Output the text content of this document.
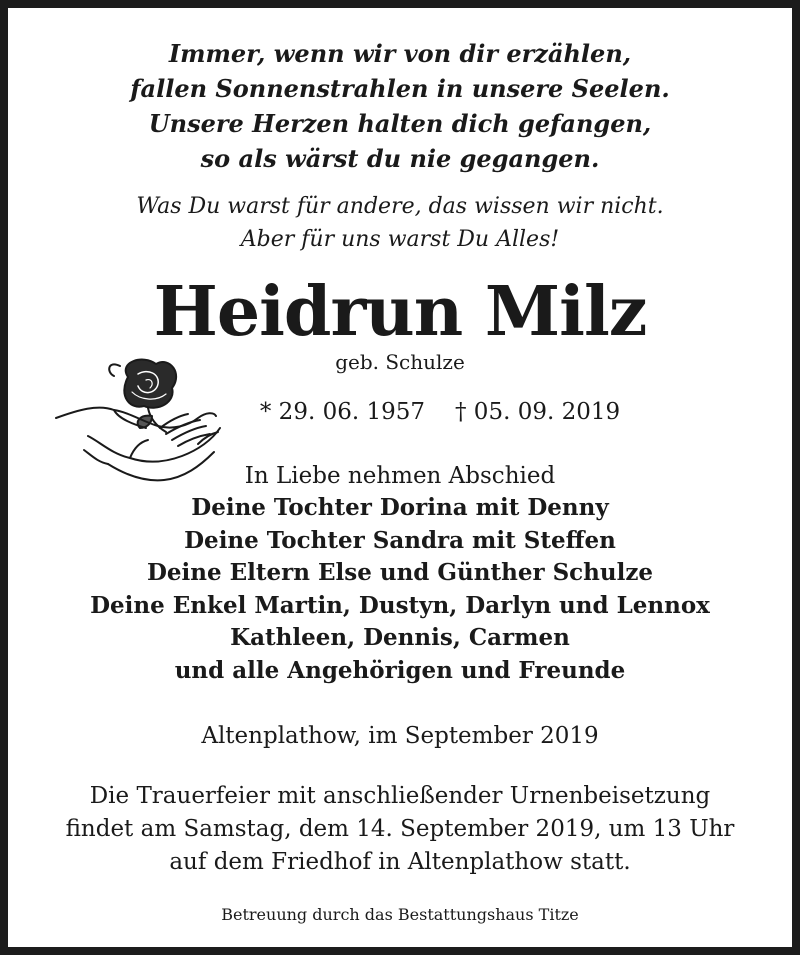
Immer, wenn wir von dir erzählen,
fallen Sonnenstrahlen in unsere Seelen.
Unsere Herzen halten dich gefangen,
so als wärst du nie gegangen.
Was Du warst für andere, das wissen wir nicht.
Aber für uns warst Du Alles!
Heidrun Milz
geb. Schulze
* 29. 06. 1957 † 05. 09. 2019
In Liebe nehmen Abschied
Deine Tochter Dorina mit Denny
Deine Tochter Sandra mit Steffen
Deine Eltern Else und Günther Schulze
Deine Enkel Martin, Dustyn, Darlyn und Lennox
Kathleen, Dennis, Carmen
und alle Angehörigen und Freunde
Altenplathow, im September 2019
Die Trauerfeier mit anschließender Urnenbeisetzung
findet am Samstag, dem 14. September 2019, um 13 Uhr
auf dem Friedhof in Altenplathow statt.
Betreuung durch das Bestattungshaus Titze
